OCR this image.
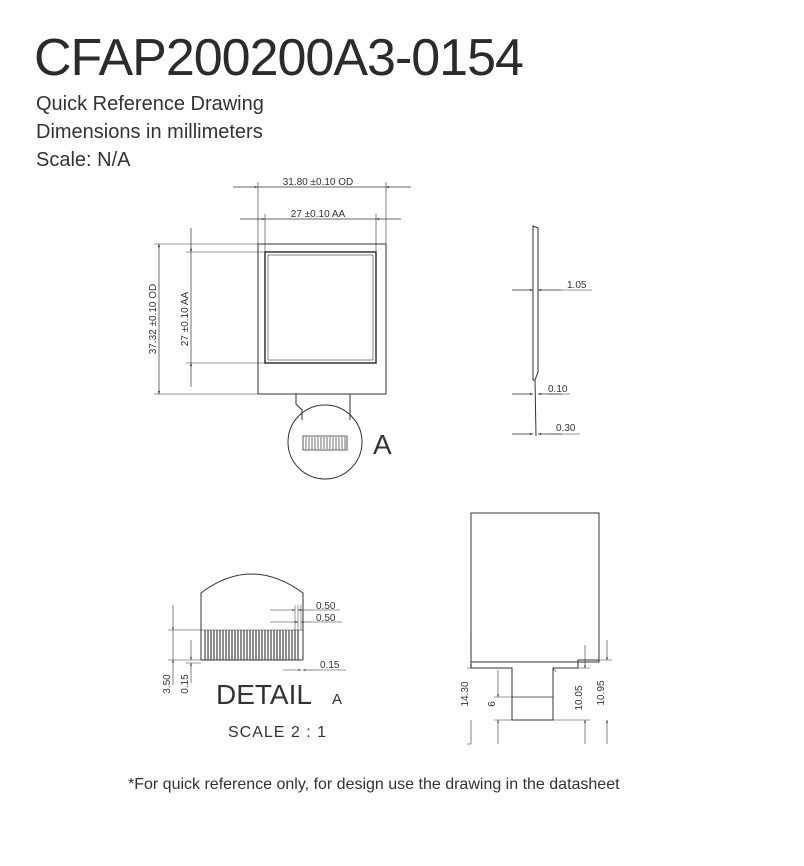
CFAP200200A3-0154
Quick Reference Drawing
Dimensions in millimeters
Scale: N/A
31.80 ±0.10 OD
27 ±0.10 AA
37.32 ±0.10 OD 27 ±0.10 AA
A
1.05
0.10
0.30
0.50
0.50
0.15
3.50 0.15 DETAIL A
SCALE 2 : 1
14.30 6	10.05 10.95
*For quick reference only, for design use the drawing in the datasheet
